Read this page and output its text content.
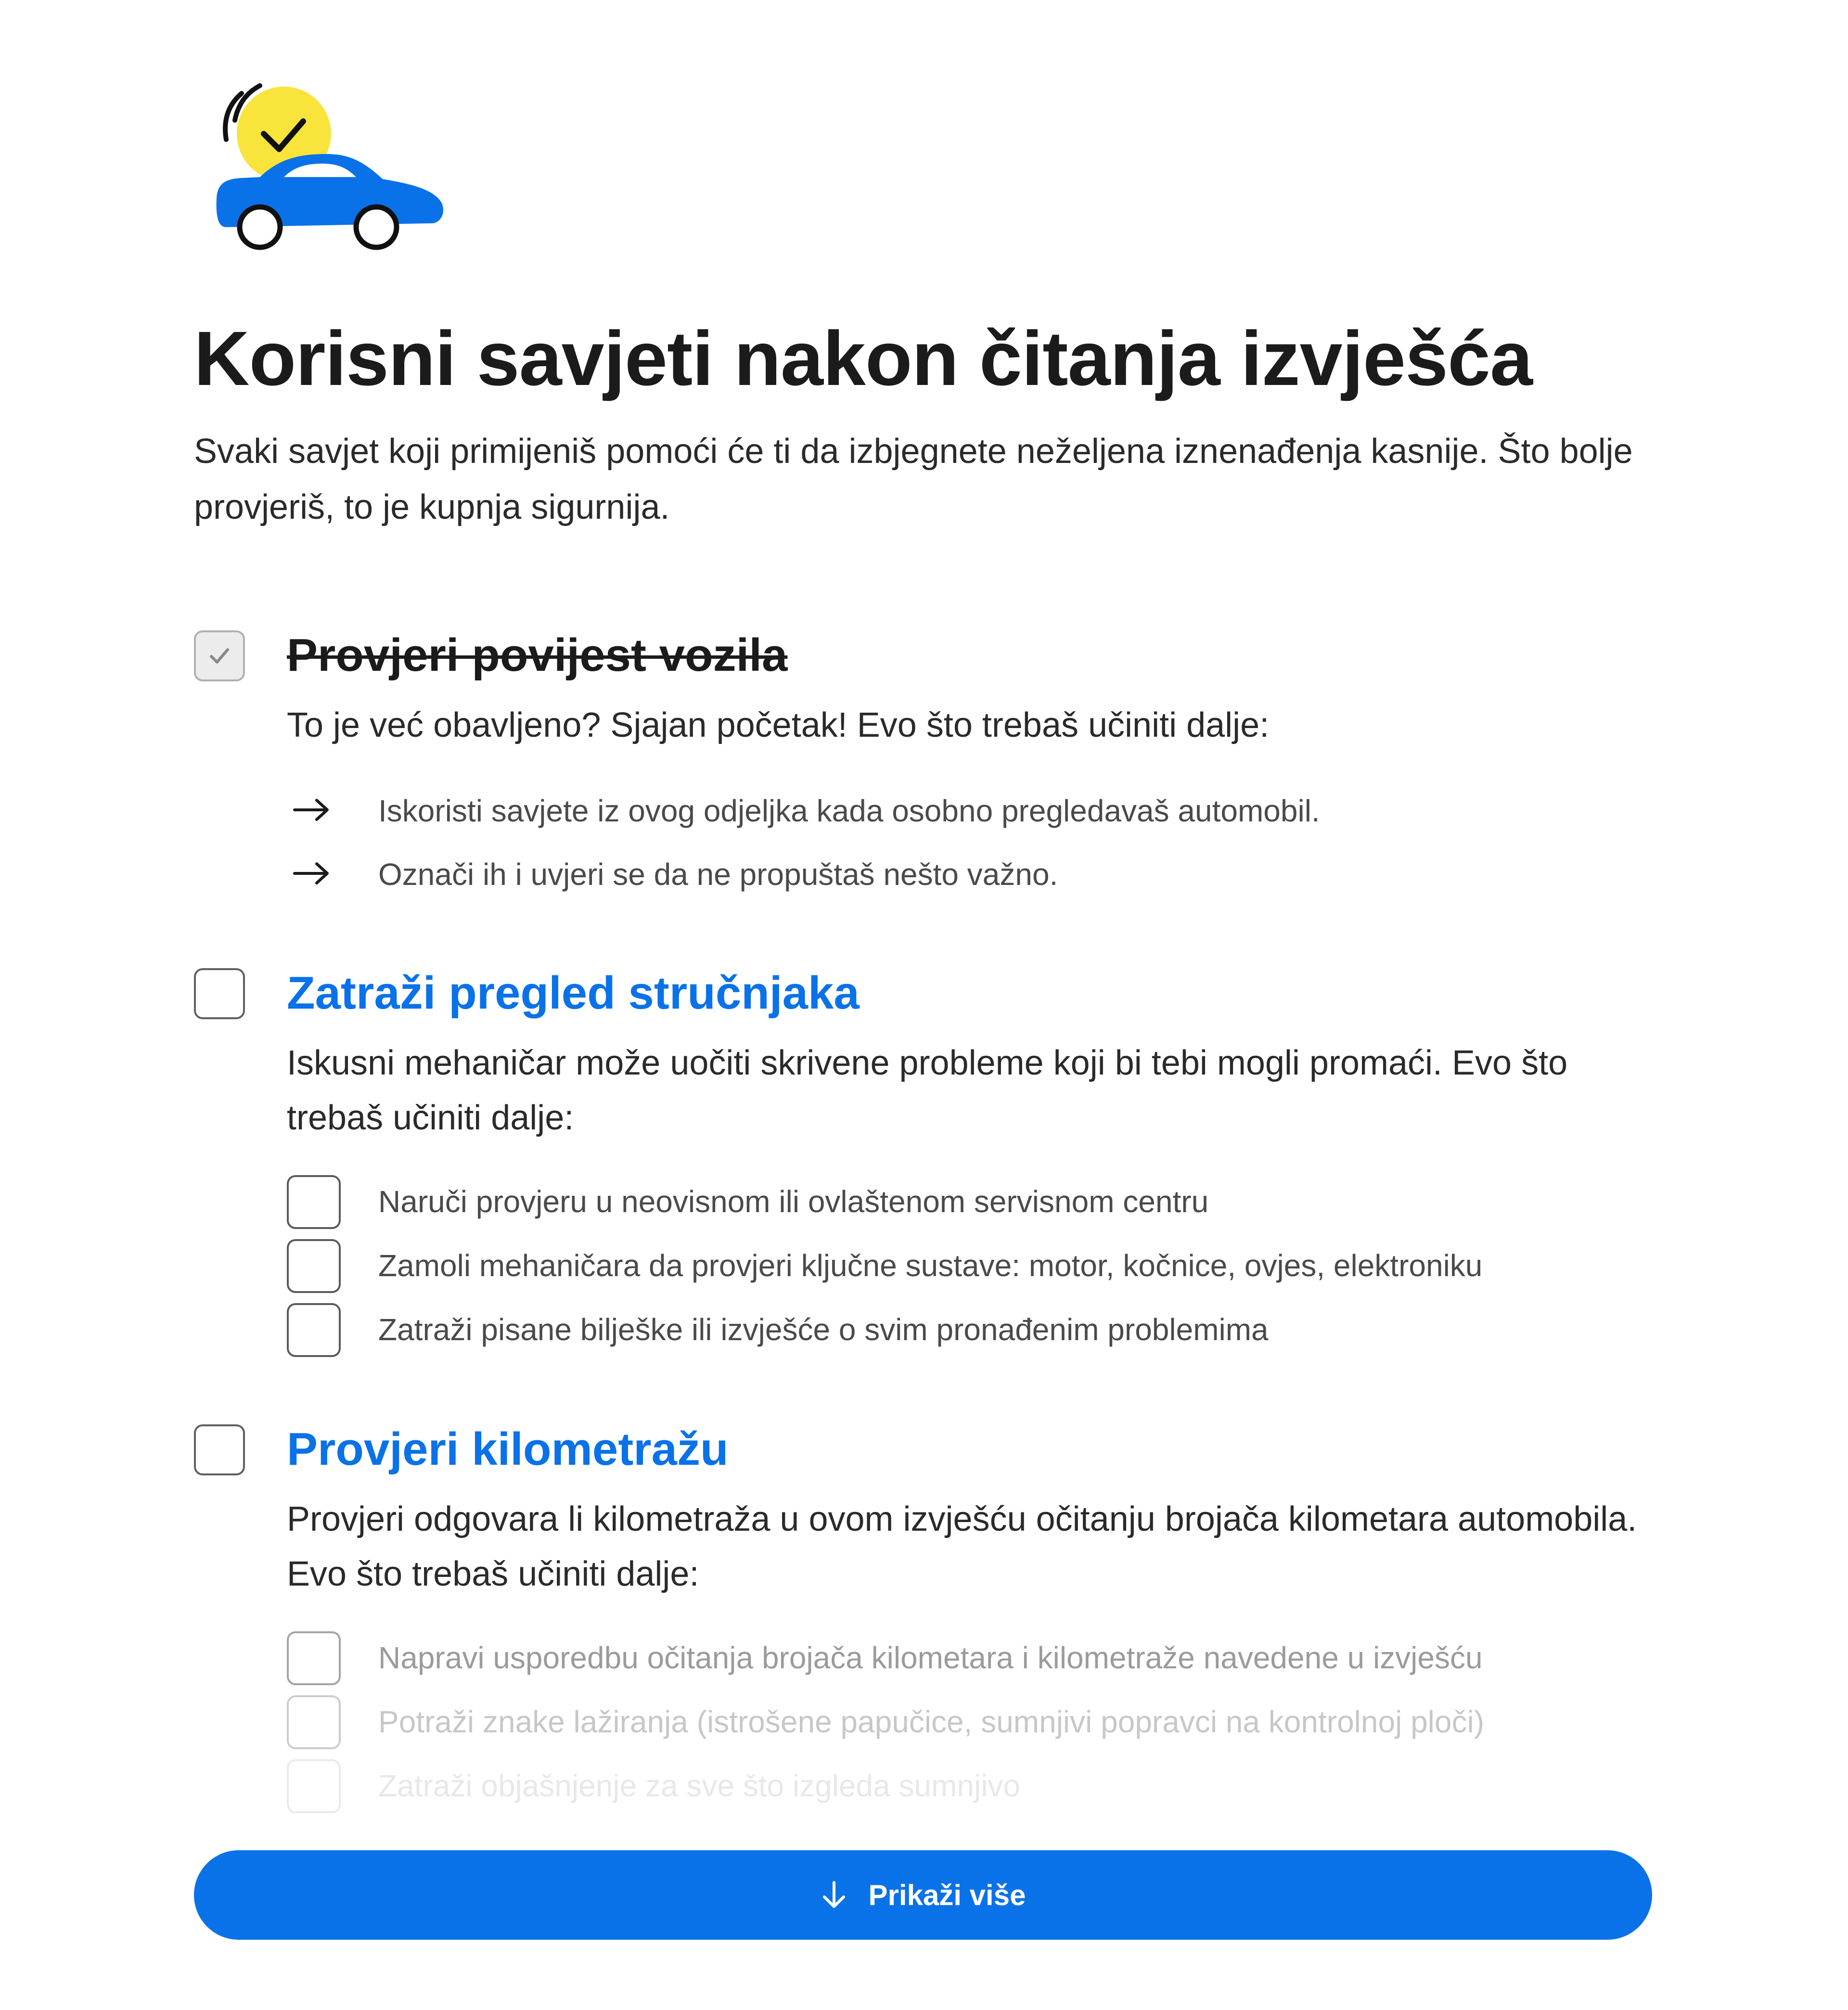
Korisni savjeti nakon čitanja izvješća
Svaki savjet koji primijeniš pomoći će ti da izbjegnete neželjena iznenađenja kasnije. Što bolje provjeriš, to je kupnja sigurnija.
Provjeri povijest vozila
To je već obavljeno? Sjajan početak! Evo što trebaš učiniti dalje:
Iskoristi savjete iz ovog odjeljka kada osobno pregledavaš automobil.
Označi ih i uvjeri se da ne propuštaš nešto važno.
Zatraži pregled stručnjaka
Iskusni mehaničar može uočiti skrivene probleme koji bi tebi mogli promaći. Evo što trebaš učiniti dalje:
Naruči provjeru u neovisnom ili ovlaštenom servisnom centru
Zamoli mehaničara da provjeri ključne sustave: motor, kočnice, ovjes, elektroniku
Zatraži pisane bilješke ili izvješće o svim pronađenim problemima
Provjeri kilometražu
Provjeri odgovara li kilometraža u ovom izvješću očitanju brojača kilometara automobila. Evo što trebaš učiniti dalje:
Napravi usporedbu očitanja brojača kilometara i kilometraže navedene u izvješću
Potraži znake lažiranja (istrošene papučice, sumnjivi popravci na kontrolnoj ploči)
Zatraži objašnjenje za sve što izgleda sumnjivo
Prikaži više
